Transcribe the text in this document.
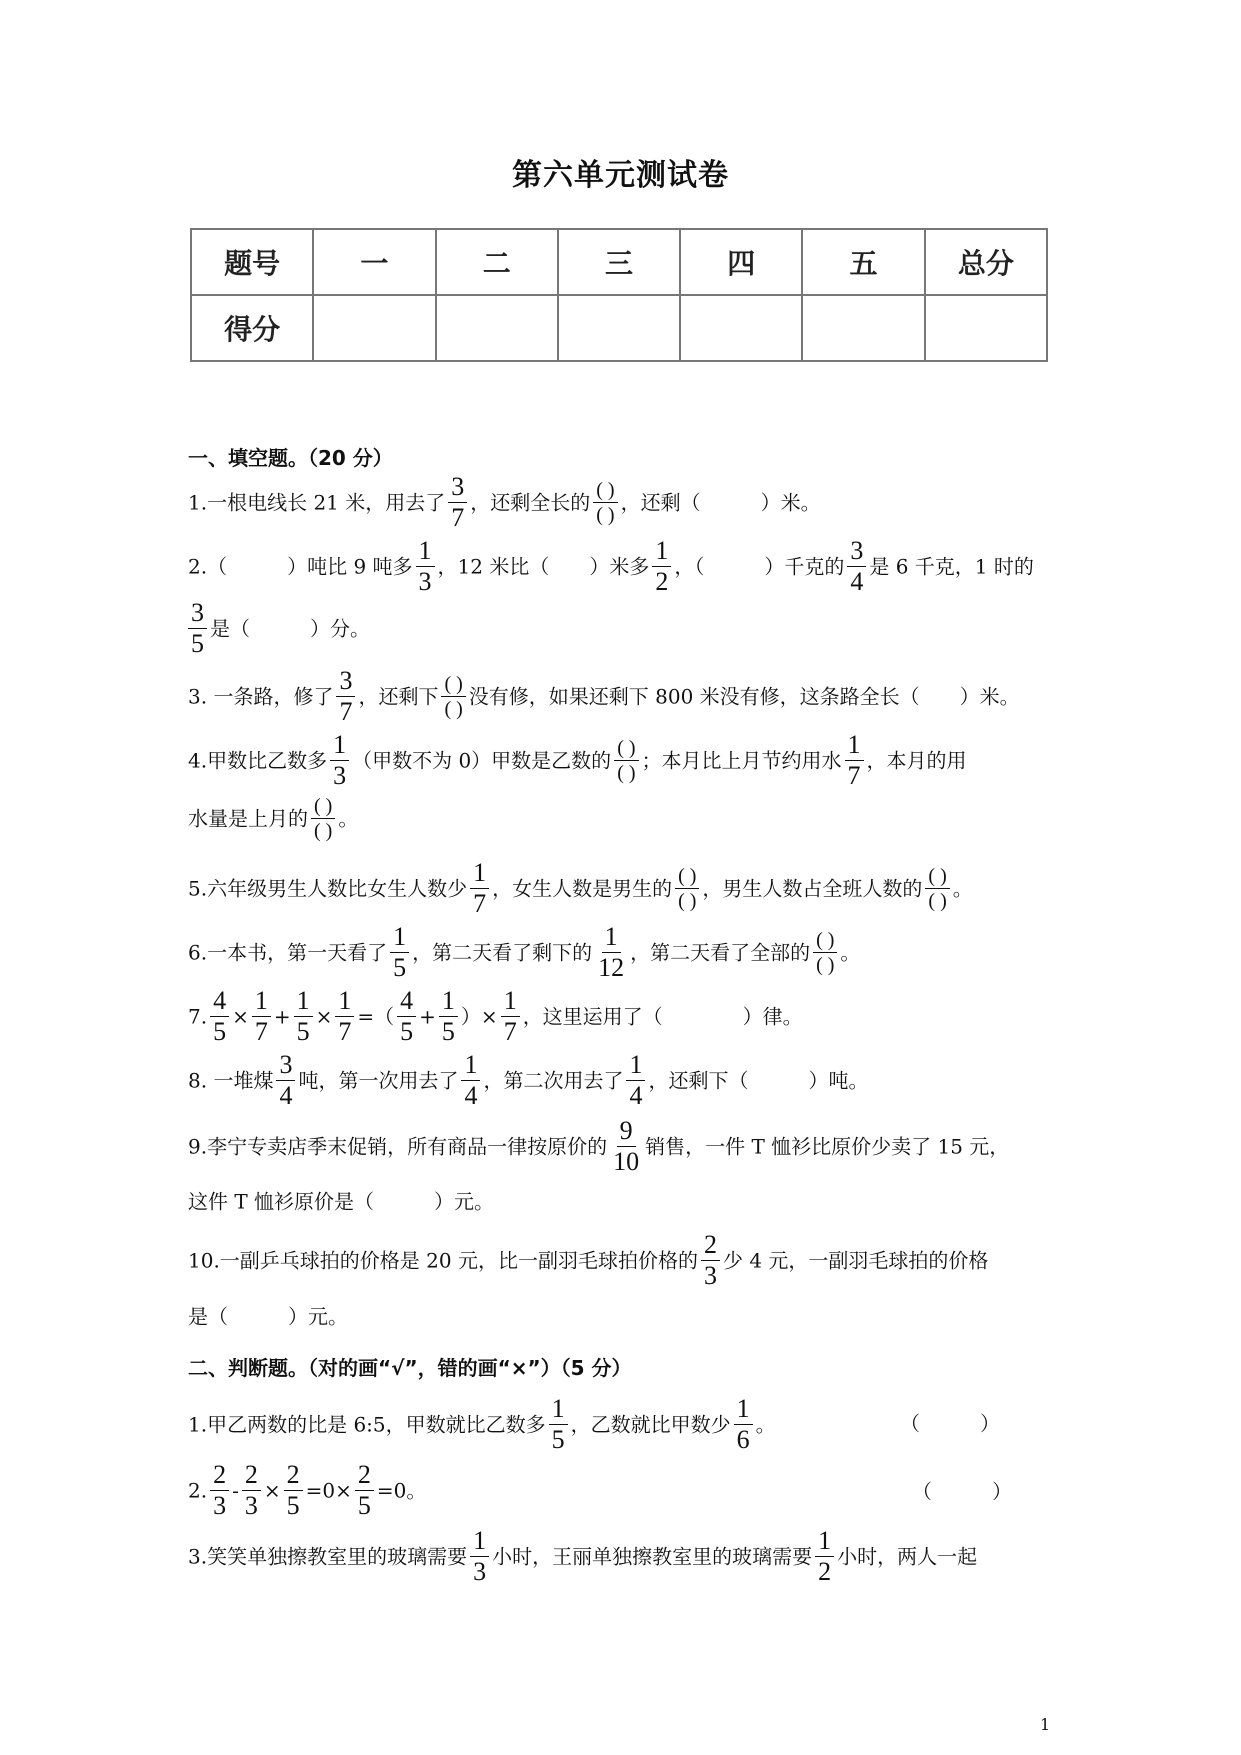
第六单元测试卷
题号	一	二	三	四	五	总分
得分						
一、填空题。（20 分）
1.一根电线长 21 米，用去了 $\frac{3}{7}$ ，还剩全长的
( )
( )
，还剩（　　　）米。
2.（　　　）吨比 9 吨多 $\frac{1}{3}$ ，12 米比（　　）米多 $\frac{1}{2}$ ，（　　　）千克的 $\frac{3}{4}$ 是 6 千克，1 时的
$\frac{3}{5}$ 是（　　　）分。
3. 一条路，修了 $\frac{3}{7}$ ，还剩下
( )
( )
没有修，如果还剩下 800 米没有修，这条路全长（　　）米。
4.甲数比乙数多 $\frac{1}{3}$ （甲数不为 0）甲数是乙数的
( )
( )
；本月比上月节约用水 $\frac{1}{7}$ ，本月的用
水量是上月的
( )
( )
。
5.六年级男生人数比女生人数少 $\frac{1}{7}$ ，女生人数是男生的
( )
( )
，男生人数占全班人数的
( )
( )
。
6.一本书，第一天看了 $\frac{1}{5}$ ，第二天看了剩下的 $\frac{1}{12}$ ，第二天看了全部的
( )
( )
。
7. $\frac{4}{5} \times \frac{1}{7} + \frac{1}{5} \times \frac{1}{7}$ =（ $\frac{4}{5} + \frac{1}{5}$ ）× $\frac{1}{7}$ ，这里运用了（　　　　）律。
8. 一堆煤 $\frac{3}{4}$ 吨，第一次用去了 $\frac{1}{4}$ ，第二次用去了 $\frac{1}{4}$ ，还剩下（　　　）吨。
9.李宁专卖店季末促销，所有商品一律按原价的 $\frac{9}{10}$ 销售，一件 T 恤衫比原价少卖了 15 元，
这件 T 恤衫原价是（　　　）元。
10.一副乒乓球拍的价格是 20 元，比一副羽毛球拍价格的 $\frac{2}{3}$ 少 4 元，一副羽毛球拍的价格
是（　　　）元。
二、判断题。（对的画“√”，错的画“×”）（5 分）
1.甲乙两数的比是 6:5，甲数就比乙数多 $\frac{1}{5}$ ，乙数就比甲数少 $\frac{1}{6}$ 。	（　　　）
2. $\frac{2}{3} - \frac{2}{3} \times \frac{2}{5} =0\times \frac{2}{5} =0$。	（　　　）
3.笑笑单独擦教室里的玻璃需要 $\frac{1}{3}$ 小时，王丽单独擦教室里的玻璃需要 $\frac{1}{2}$ 小时，两人一起
1
